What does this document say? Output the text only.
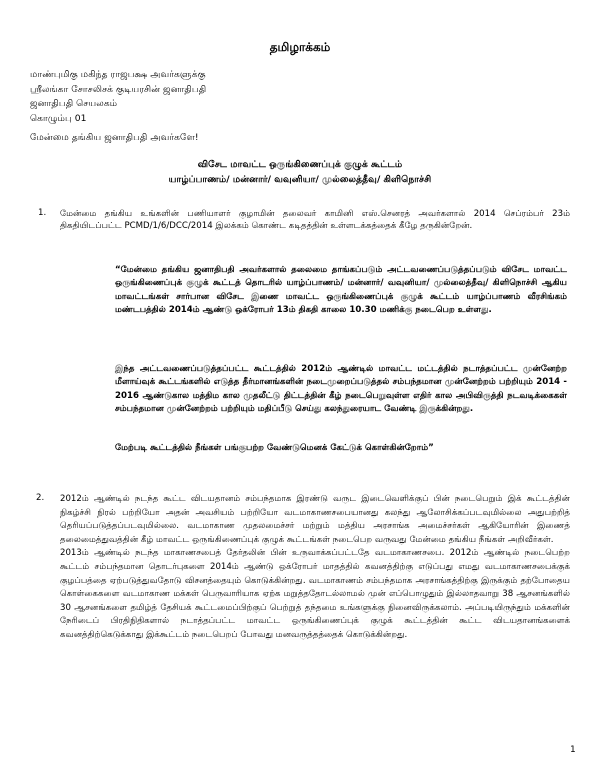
தமிழாக்கம்
மாண்புமிகு மகிந்த ராஜபக்ஷ அவர்களுக்கு
ஸ்ரீலங்கா சோசலிசக் குடியரசின் ஜனாதிபதி
ஜனாதிபதி செயலகம்
கொழும்பு 01
மேன்மை தங்கிய ஜனாதிபதி அவர்களே!
விசேட மாவட்ட ஒருங்கிணைப்புக் குழுக் கூட்டம்
யாழ்ப்பாணம்/ மன்னார்/ வவுனியா/ முல்லைத்தீவு/ கிளிநொச்சி
1. மேன்மை தங்கிய உங்களின் பணியாளர் குழாமின் தலைவர் காமினி எஸ்.செனரத் அவர்களால் 2014 செப்ரம்பர் 23ம் திகதியிடப்பட்ட PCMD/1/6/DCC/2014 இலக்கம் கொண்ட கடிதத்தின் உள்ளடக்கத்தைக் கீழே தருகின்றேன்.
“மேன்மை தங்கிய ஜனாதிபதி அவர்களால் தலைமை தாங்கப்படும் அட்டவணைப்படுத்தப்படும் விசேட மாவட்ட ஒருங்கிணைப்புக் குழுக் கூட்டத் தொடரில் யாழ்ப்பாணம்/ மன்னார்/ வவுனியா/ முல்லைத்தீவு/ கிளிநொச்சி ஆகிய மாவட்டங்கள் சார்பான விசேட இணை மாவட்ட ஒருங்கிணைப்புக் குழுக் கூட்டம் யாழ்ப்பாணம் வீரசிங்கம் மண்டபத்தில் 2014ம் ஆண்டு ஒக்ரோபர் 13ம் திகதி காலை 10.30 மணிக்கு நடைபெற உள்ளது.
இந்த அட்டவணைப்படுத்தப்பட்ட கூட்டத்தில் 2012ம் ஆண்டில் மாவட்ட மட்டத்தில் நடாத்தப்பட்ட முன்னேற்ற மீளாய்வுக் கூட்டங்களில் எடுத்த தீர்மானங்களின் நடைமுறைப்படுத்தல் சம்பந்தமான முன்னேற்றம் பற்றியும் 2014 - 2016 ஆண்டுகால மத்திம கால முதலீட்டு திட்டத்தின் கீழ் நடைபெறுவுள்ள எதிர் கால அபிவிருத்தி நடவடிக்கைகள் சம்பந்தமான முன்னேற்றம் பற்றியும் மதிப்பீடு செய்து கலந்துரையாட வேண்டி இருக்கின்றது.
மேற்படி கூட்டத்தில் நீங்கள் பங்குபற்ற வேண்டுமெனக் கேட்டுக் கொள்கின்றோம்”
2. 2012ம் ஆண்டில் நடந்த கூட்ட விடயதானம் சம்பந்தமாக இரண்டு வருட இடைவெளிக்குப் பின் நடைபெறும் இக் கூட்டத்தின் நிகழ்ச்சி நிரல் பற்றியோ அதன் அவசியம் பற்றியோ வடமாகாணசபையானது கலந்து ஆலோசிக்கப்படவுமில்லை அதுபற்றித் தெரியப்படுத்தப்படவுமில்லை. வடமாகாண முதலமைச்சர் மற்றும் மத்திய அரசாங்க அமைச்சர்கள் ஆகியோரின் இணைத் தலைமைத்துவத்தின் கீழ் மாவட்ட ஒருங்கிணைப்புக் குழுக் கூட்டங்கள் நடைபெற வருவது மேன்மை தங்கிய நீங்கள் அறிவீர்கள்.

2013ம் ஆண்டில் நடந்த மாகாணசபைத் தேர்தலின் பின் உருவாக்கப்பட்டதே வடமாகாணசபை. 2012ம் ஆண்டில் நடைபெற்ற கூட்டம் சம்பந்தமான தொடர்புகளை 2014ம் ஆண்டு ஒக்ரோபர் மாதத்தில் கவனத்திற்கு எடுப்பது எமது வடமாகாணசபைக்குக் குழப்பத்தை ஏற்படுத்துவதோடு விசனத்தையும் கொடுக்கின்றது. வடமாகாணம் சம்பந்தமாக அரசாங்கத்திற்கு இருக்கும் தற்போதைய கொள்கைகளை வடமாகாண மக்கள் பெருவாரியாக ஏற்க மறுத்ததோடல்லாமல் முன் எப்பொழுதும் இல்லாதவாறு 38 ஆசனங்களில் 30 ஆசனங்களை தமிழ்த் தேசியக் கூட்டமைப்பிற்குப் பெற்றுத் தந்தமை உங்களுக்கு நினைவிருக்கலாம். அப்படியிருந்தும் மக்களின் நேரிடைப் பிரதிநிதிகளால் நடாத்தப்பட்ட மாவட்ட ஒருங்கிணைப்புக் குழுக் கூட்டத்தின் கூட்ட விடயதானங்களைக் கவனத்திற்கெடுக்காது இக்கூட்டம் நடைபெறப் போவது மனவருத்தத்தைக் கொடுக்கின்றது.

1
